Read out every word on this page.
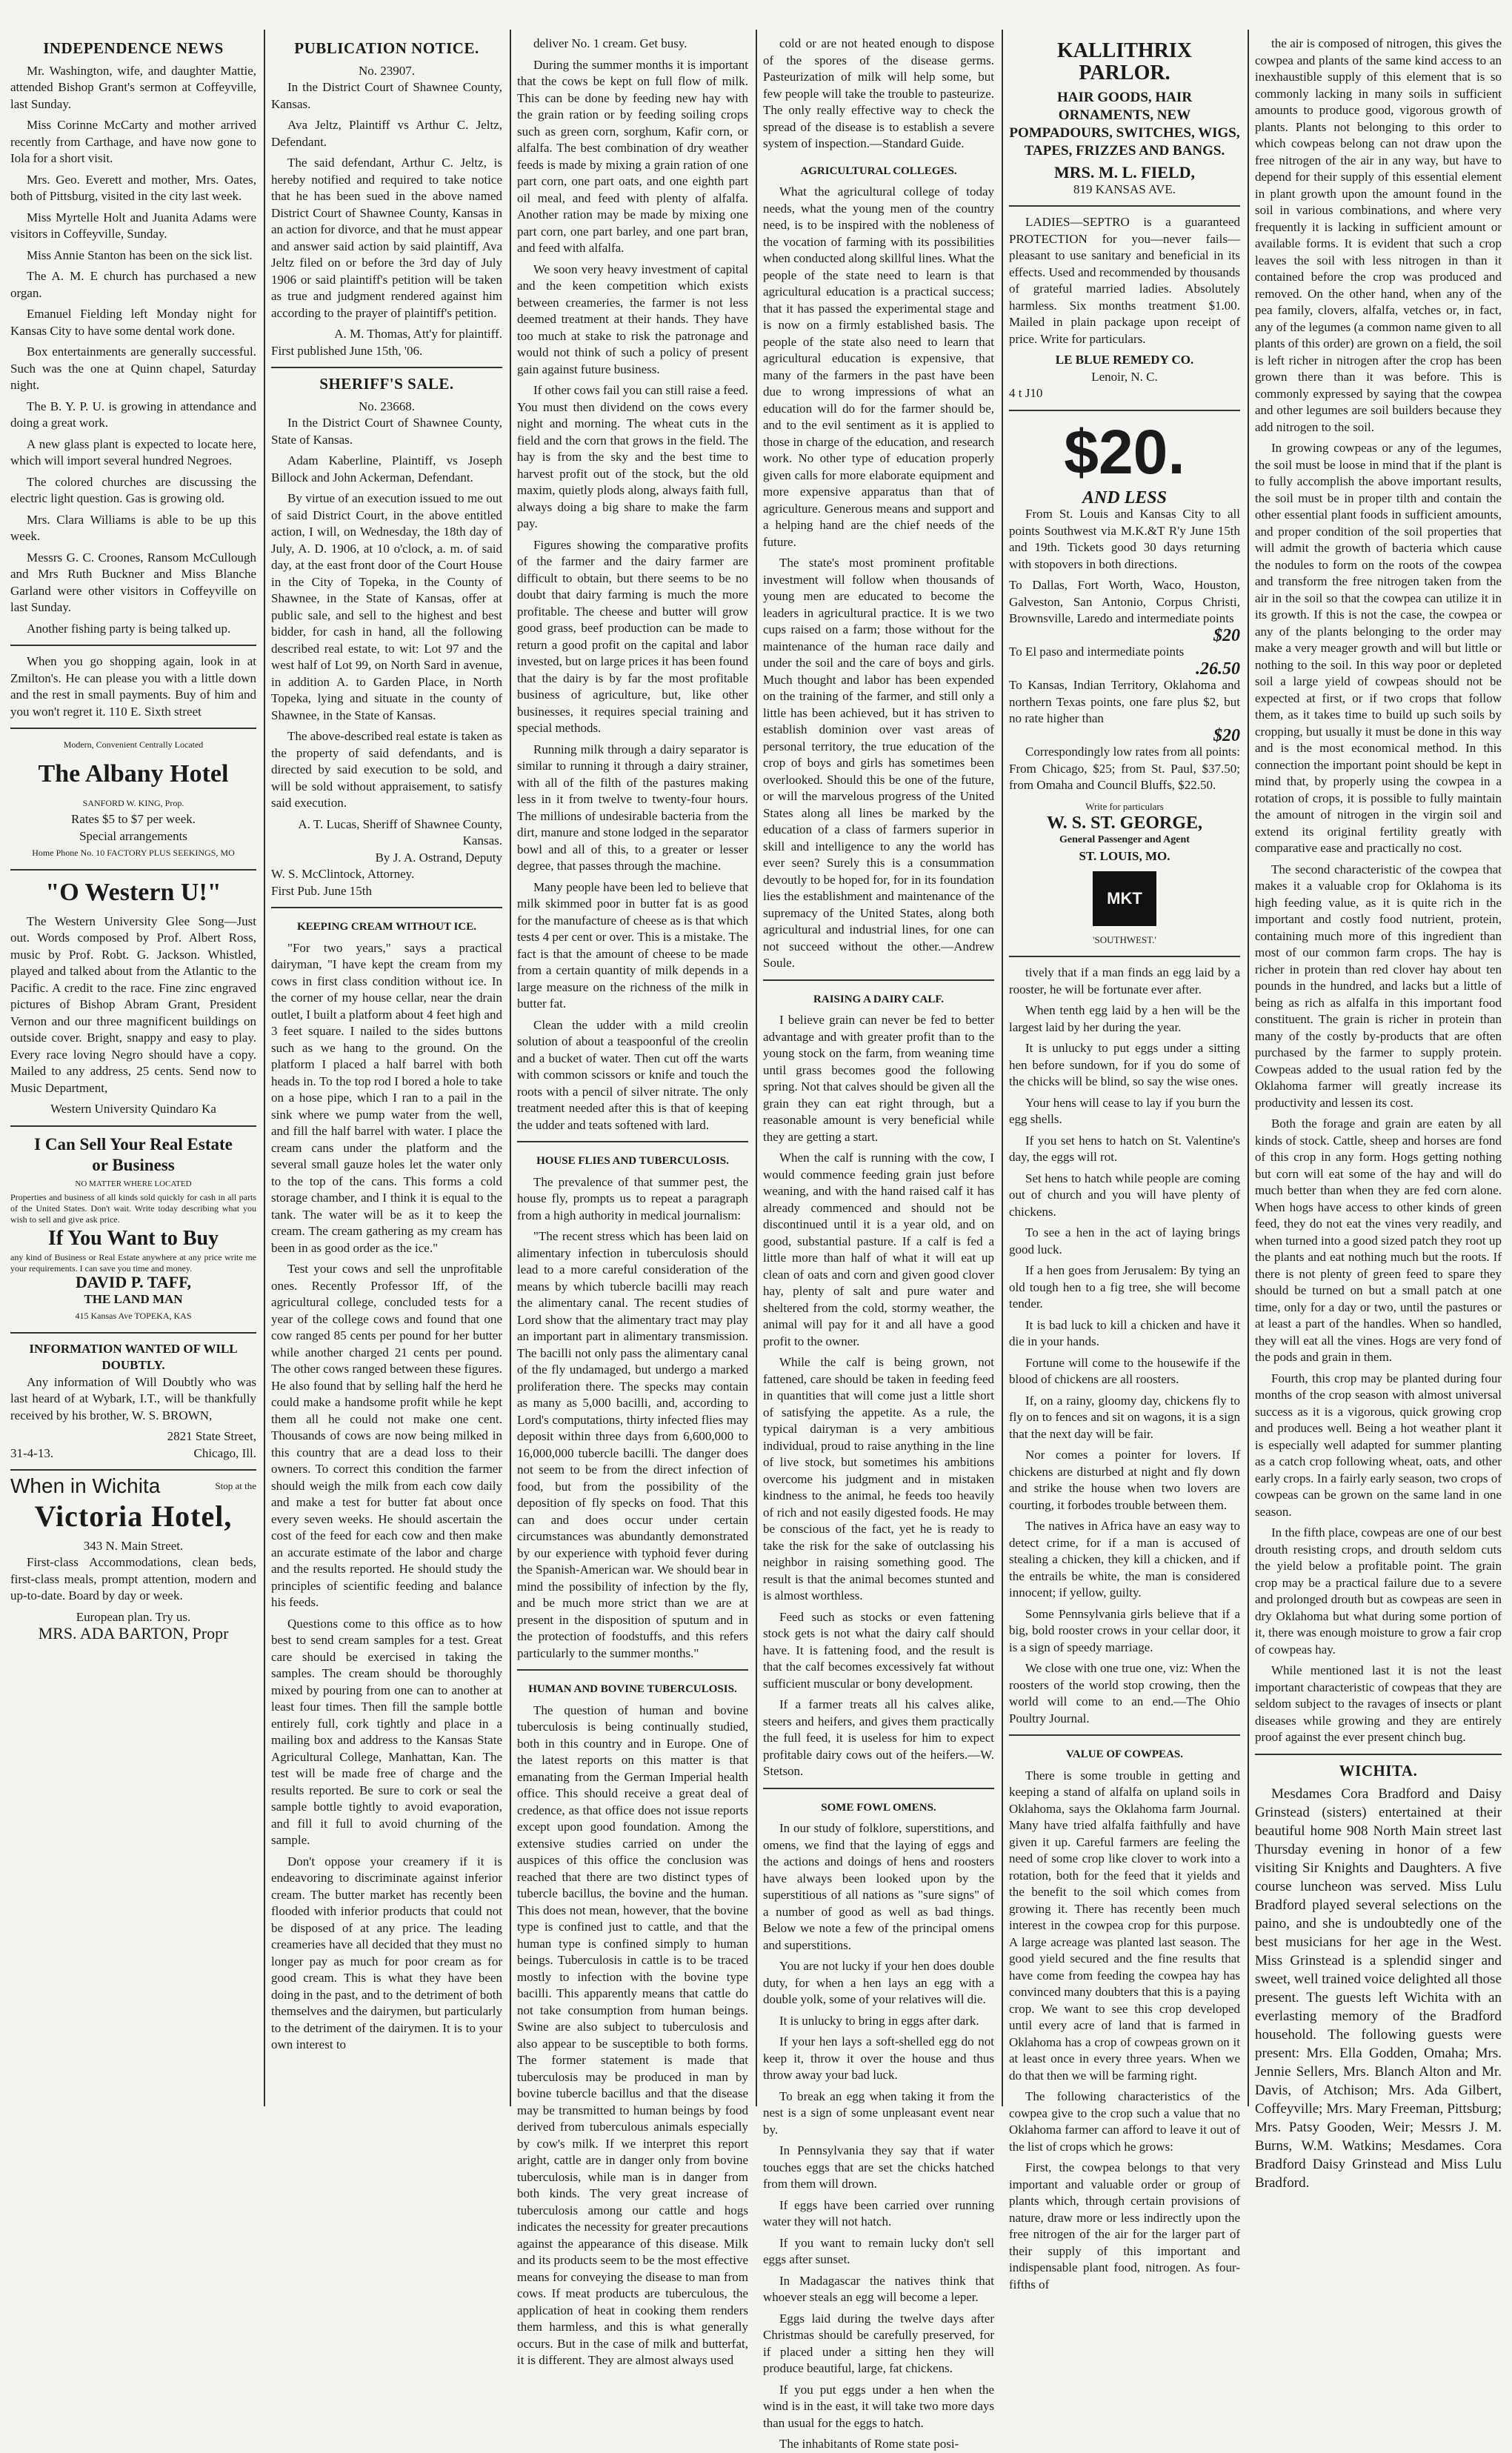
INDEPENDENCE NEWS

Mr. Washington, wife, and daughter Mattie, attended Bishop Grant's sermon at Coffeyville, last Sunday.

Miss Corinne McCarty and mother arrived recently from Carthage, and have now gone to Iola for a short visit.

Mrs. Geo. Everett and mother, Mrs. Oates, both of Pittsburg, visited in the city last week.

Miss Myrtelle Holt and Juanita Adams were visitors in Coffeyville, Sunday.

Miss Annie Stanton has been on the sick list.

The A. M. E church has purchased a new organ.

Emanuel Fielding left Monday night for Kansas City to have some dental work done.

Box entertainments are generally successful. Such was the one at Quinn chapel, Saturday night.

The B. Y. P. U. is growing in attendance and doing a great work.

A new glass plant is expected to locate here, which will import several hundred Negroes.

The colored churches are discussing the electric light question. Gas is growing old.

Mrs. Clara Williams is able to be up this week.

Messrs G. C. Croones, Ransom McCullough and Mrs Ruth Buckner and Miss Blanche Garland were other visitors in Coffeyville on last Sunday.

Another fishing party is being talked up.

When you go shopping again, look in at Zmilton's. He can please you with a little down and the rest in small payments. Buy of him and you won't regret it. 110 E. Sixth street

Modern, Convenient Centrally Located
The Albany Hotel
SANFORD W. KING, Prop.
Rates $5 to $7 per week.
Special arrangements
Home Phone No. 10 FACTORY PLUS SEEKINGS, MO
"O Western U!"

The Western University Glee Song—Just out. Words composed by Prof. Albert Ross, music by Prof. Robt. G. Jackson. Whistled, played and talked about from the Atlantic to the Pacific. A credit to the race. Fine zinc engraved pictures of Bishop Abram Grant, President Vernon and our three magnificent buildings on outside cover. Bright, snappy and easy to play. Every race loving Negro should have a copy. Mailed to any address, 25 cents. Send now to Music Department,

Western University Quindaro Ka
I Can Sell Your Real Estate
or Business
NO MATTER WHERE LOCATED
Properties and business of all kinds sold quickly for cash in all parts of the United States. Don't wait. Write today describing what you wish to sell and give ask price.
If You Want to Buy
any kind of Business or Real Estate anywhere at any price write me your requirements. I can save you time and money.
DAVID P. TAFF,
THE LAND MAN
415 Kansas Ave TOPEKA, KAS
INFORMATION WANTED OF WILL DOUBTLY.

Any information of Will Doubtly who was last heard of at Wybark, I.T., will be thankfully received by his brother, W. S. BROWN,

2821 State Street,
31-4-13.	Chicago, Ill.
When in Wichita	Stop at the
Victoria Hotel,
343 N. Main Street.

First-class Accommodations, clean beds, first-class meals, prompt attention, modern and up-to-date. Board by day or week.

European plan. Try us.
MRS. ADA BARTON, Propr
PUBLICATION NOTICE.
No. 23907.

In the District Court of Shawnee County, Kansas.

Ava Jeltz, Plaintiff vs Arthur C. Jeltz, Defendant.

The said defendant, Arthur C. Jeltz, is hereby notified and required to take notice that he has been sued in the above named District Court of Shawnee County, Kansas in an action for divorce, and that he must appear and answer said action by said plaintiff, Ava Jeltz filed on or before the 3rd day of July 1906 or said plaintiff's petition will be taken as true and judgment rendered against him according to the prayer of plaintiff's petition.

A. M. Thomas, Att'y for plaintiff.
First published June 15th, '06.
SHERIFF'S SALE.
No. 23668.

In the District Court of Shawnee County, State of Kansas.

Adam Kaberline, Plaintiff, vs Joseph Billock and John Ackerman, Defendant.

By virtue of an execution issued to me out of said District Court, in the above entitled action, I will, on Wednesday, the 18th day of July, A. D. 1906, at 10 o'clock, a. m. of said day, at the east front door of the Court House in the City of Topeka, in the County of Shawnee, in the State of Kansas, offer at public sale, and sell to the highest and best bidder, for cash in hand, all the following described real estate, to wit: Lot 97 and the west half of Lot 99, on North Sard in avenue, in addition A. to Garden Place, in North Topeka, lying and situate in the county of Shawnee, in the State of Kansas.

The above-described real estate is taken as the property of said defendants, and is directed by said execution to be sold, and will be sold without appraisement, to satisfy said execution.

A. T. Lucas, Sheriff of Shawnee County, Kansas.
By J. A. Ostrand, Deputy
W. S. McClintock, Attorney.
First Pub. June 15th
KEEPING CREAM WITHOUT ICE.

"For two years," says a practical dairyman, "I have kept the cream from my cows in first class condition without ice. In the corner of my house cellar, near the drain outlet, I built a platform about 4 feet high and 3 feet square. I nailed to the sides buttons such as we hang to the ground. On the platform I placed a half barrel with both heads in. To the top rod I bored a hole to take on a hose pipe, which I ran to a pail in the sink where we pump water from the well, and fill the half barrel with water. I place the cream cans under the platform and the several small gauze holes let the water only to the top of the cans. This forms a cold storage chamber, and I think it is equal to the tank. The water will be as it to keep the cream. The cream gathering as my cream has been in as good order as the ice."

Test your cows and sell the unprofitable ones. Recently Professor Iff, of the agricultural college, concluded tests for a year of the college cows and found that one cow ranged 85 cents per pound for her butter while another charged 21 cents per pound. The other cows ranged between these figures. He also found that by selling half the herd he could make a handsome profit while he kept them all he could not make one cent. Thousands of cows are now being milked in this country that are a dead loss to their owners. To correct this condition the farmer should weigh the milk from each cow daily and make a test for butter fat about once every seven weeks. He should ascertain the cost of the feed for each cow and then make an accurate estimate of the labor and charge and the results reported. He should study the principles of scientific feeding and balance his feeds.

Questions come to this office as to how best to send cream samples for a test. Great care should be exercised in taking the samples. The cream should be thoroughly mixed by pouring from one can to another at least four times. Then fill the sample bottle entirely full, cork tightly and place in a mailing box and address to the Kansas State Agricultural College, Manhattan, Kan. The test will be made free of charge and the results reported. Be sure to cork or seal the sample bottle tightly to avoid evaporation, and fill it full to avoid churning of the sample.

Don't oppose your creamery if it is endeavoring to discriminate against inferior cream. The butter market has recently been flooded with inferior products that could not be disposed of at any price. The leading creameries have all decided that they must no longer pay as much for poor cream as for good cream. This is what they have been doing in the past, and to the detriment of both themselves and the dairymen, but particularly to the detriment of the dairymen. It is to your own interest to

deliver No. 1 cream. Get busy.

During the summer months it is important that the cows be kept on full flow of milk. This can be done by feeding new hay with the grain ration or by feeding soiling crops such as green corn, sorghum, Kafir corn, or alfalfa. The best combination of dry weather feeds is made by mixing a grain ration of one part corn, one part oats, and one eighth part oil meal, and feed with plenty of alfalfa. Another ration may be made by mixing one part corn, one part barley, and one part bran, and feed with alfalfa.

We soon very heavy investment of capital and the keen competition which exists between creameries, the farmer is not less deemed treatment at their hands. They have too much at stake to risk the patronage and would not think of such a policy of present gain against future business.

If other cows fail you can still raise a feed. You must then dividend on the cows every night and morning. The wheat cuts in the field and the corn that grows in the field. The hay is from the sky and the best time to harvest profit out of the stock, but the old maxim, quietly plods along, always faith full, always doing a big share to make the farm pay.

Figures showing the comparative profits of the farmer and the dairy farmer are difficult to obtain, but there seems to be no doubt that dairy farming is much the more profitable. The cheese and butter will grow good grass, beef production can be made to return a good profit on the capital and labor invested, but on large prices it has been found that the dairy is by far the most profitable business of agriculture, but, like other businesses, it requires special training and special methods.

Running milk through a dairy separator is similar to running it through a dairy strainer, with all of the filth of the pastures making less in it from twelve to twenty-four hours. The millions of undesirable bacteria from the dirt, manure and stone lodged in the separator bowl and all of this, to a greater or lesser degree, that passes through the machine.

Many people have been led to believe that milk skimmed poor in butter fat is as good for the manufacture of cheese as is that which tests 4 per cent or over. This is a mistake. The fact is that the amount of cheese to be made from a certain quantity of milk depends in a large measure on the richness of the milk in butter fat.

Clean the udder with a mild creolin solution of about a teaspoonful of the creolin and a bucket of water. Then cut off the warts with common scissors or knife and touch the roots with a pencil of silver nitrate. The only treatment needed after this is that of keeping the udder and teats softened with lard.

HOUSE FLIES AND TUBERCULOSIS.

The prevalence of that summer pest, the house fly, prompts us to repeat a paragraph from a high authority in medical journalism:

"The recent stress which has been laid on alimentary infection in tuberculosis should lead to a more careful consideration of the means by which tubercle bacilli may reach the alimentary canal. The recent studies of Lord show that the alimentary tract may play an important part in alimentary transmission. The bacilli not only pass the alimentary canal of the fly undamaged, but undergo a marked proliferation there. The specks may contain as many as 5,000 bacilli, and, according to Lord's computations, thirty infected flies may deposit within three days from 6,600,000 to 16,000,000 tubercle bacilli. The danger does not seem to be from the direct infection of food, but from the possibility of the deposition of fly specks on food. That this can and does occur under certain circumstances was abundantly demonstrated by our experience with typhoid fever during the Spanish-American war. We should bear in mind the possibility of infection by the fly, and be much more strict than we are at present in the disposition of sputum and in the protection of foodstuffs, and this refers particularly to the summer months."

HUMAN AND BOVINE TUBERCULOSIS.

The question of human and bovine tuberculosis is being continually studied, both in this country and in Europe. One of the latest reports on this matter is that emanating from the German Imperial health office. This should receive a great deal of credence, as that office does not issue reports except upon good foundation. Among the extensive studies carried on under the auspices of this office the conclusion was reached that there are two distinct types of tubercle bacillus, the bovine and the human. This does not mean, however, that the bovine type is confined just to cattle, and that the human type is confined simply to human beings. Tuberculosis in cattle is to be traced mostly to infection with the bovine type bacilli. This apparently means that cattle do not take consumption from human beings. Swine are also subject to tuberculosis and also appear to be susceptible to both forms. The former statement is made that tuberculosis may be produced in man by bovine tubercle bacillus and that the disease may be transmitted to human beings by food derived from tuberculous animals especially by cow's milk. If we interpret this report aright, cattle are in danger only from bovine tuberculosis, while man is in danger from both kinds. The very great increase of tuberculosis among our cattle and hogs indicates the necessity for greater precautions against the appearance of this disease. Milk and its products seem to be the most effective means for conveying the disease to man from cows. If meat products are tuberculous, the application of heat in cooking them renders them harmless, and this is what generally occurs. But in the case of milk and butterfat, it is different. They are almost always used

cold or are not heated enough to dispose of the spores of the disease germs. Pasteurization of milk will help some, but few people will take the trouble to pasteurize. The only really effective way to check the spread of the disease is to establish a severe system of inspection.—Standard Guide.

AGRICULTURAL COLLEGES.

What the agricultural college of today needs, what the young men of the country need, is to be inspired with the nobleness of the vocation of farming with its possibilities when conducted along skillful lines. What the people of the state need to learn is that agricultural education is a practical success; that it has passed the experimental stage and is now on a firmly established basis. The people of the state also need to learn that agricultural education is expensive, that many of the farmers in the past have been due to wrong impressions of what an education will do for the farmer should be, and to the evil sentiment as it is applied to those in charge of the education, and research work. No other type of education properly given calls for more elaborate equipment and more expensive apparatus than that of agriculture. Generous means and support and a helping hand are the chief needs of the future.

The state's most prominent profitable investment will follow when thousands of young men are educated to become the leaders in agricultural practice. It is we two cups raised on a farm; those without for the maintenance of the human race daily and under the soil and the care of boys and girls. Much thought and labor has been expended on the training of the farmer, and still only a little has been achieved, but it has striven to establish dominion over vast areas of personal territory, the true education of the crop of boys and girls has sometimes been overlooked. Should this be one of the future, or will the marvelous progress of the United States along all lines be marked by the education of a class of farmers superior in skill and intelligence to any the world has ever seen? Surely this is a consummation devoutly to be hoped for, for in its foundation lies the establishment and maintenance of the supremacy of the United States, along both agricultural and industrial lines, for one can not succeed without the other.—Andrew Soule.

RAISING A DAIRY CALF.

I believe grain can never be fed to better advantage and with greater profit than to the young stock on the farm, from weaning time until grass becomes good the following spring. Not that calves should be given all the grain they can eat right through, but a reasonable amount is very beneficial while they are getting a start.

When the calf is running with the cow, I would commence feeding grain just before weaning, and with the hand raised calf it has already commenced and should not be discontinued until it is a year old, and on good, substantial pasture. If a calf is fed a little more than half of what it will eat up clean of oats and corn and given good clover hay, plenty of salt and pure water and sheltered from the cold, stormy weather, the animal will pay for it and all have a good profit to the owner.

While the calf is being grown, not fattened, care should be taken in feeding feed in quantities that will come just a little short of satisfying the appetite. As a rule, the typical dairyman is a very ambitious individual, proud to raise anything in the line of live stock, but sometimes his ambitions overcome his judgment and in mistaken kindness to the animal, he feeds too heavily of rich and not easily digested foods. He may be conscious of the fact, yet he is ready to take the risk for the sake of outclassing his neighbor in raising something good. The result is that the animal becomes stunted and is almost worthless.

Feed such as stocks or even fattening stock gets is not what the dairy calf should have. It is fattening food, and the result is that the calf becomes excessively fat without sufficient muscular or bony development.

If a farmer treats all his calves alike, steers and heifers, and gives them practically the full feed, it is useless for him to expect profitable dairy cows out of the heifers.—W. Stetson.

SOME FOWL OMENS.

In our study of folklore, superstitions, and omens, we find that the laying of eggs and the actions and doings of hens and roosters have always been looked upon by the superstitious of all nations as "sure signs" of a number of good as well as bad things. Below we note a few of the principal omens and superstitions.

You are not lucky if your hen does double duty, for when a hen lays an egg with a double yolk, some of your relatives will die.

It is unlucky to bring in eggs after dark.

If your hen lays a soft-shelled egg do not keep it, throw it over the house and thus throw away your bad luck.

To break an egg when taking it from the nest is a sign of some unpleasant event near by.

In Pennsylvania they say that if water touches eggs that are set the chicks hatched from them will drown.

If eggs have been carried over running water they will not hatch.

If you want to remain lucky don't sell eggs after sunset.

In Madagascar the natives think that whoever steals an egg will become a leper.

Eggs laid during the twelve days after Christmas should be carefully preserved, for if placed under a sitting hen they will produce beautiful, large, fat chickens.

If you put eggs under a hen when the wind is in the east, it will take two more days than usual for the eggs to hatch.

The inhabitants of Rome state posi-

KALLITHRIX PARLOR.
HAIR GOODS, HAIR ORNAMENTS, NEW POMPADOURS, SWITCHES, WIGS, TAPES, FRIZZES AND BANGS.
MRS. M. L. FIELD,
819 KANSAS AVE.

LADIES—SEPTRO is a guaranteed PROTECTION for you—never fails—pleasant to use sanitary and beneficial in its effects. Used and recommended by thousands of grateful married ladies. Absolutely harmless. Six months treatment $1.00. Mailed in plain package upon receipt of price. Write for particulars.

LE BLUE REMEDY CO.
Lenoir, N. C.
4 t J10
$20.
AND LESS

From St. Louis and Kansas City to all points Southwest via M.K.&T R'y June 15th and 19th. Tickets good 30 days returning with stopovers in both directions.

To Dallas, Fort Worth, Waco, Houston, Galveston, San Antonio, Corpus Christi, Brownsville, Laredo and intermediate points
$20
To El paso and intermediate points
.26.50
To Kansas, Indian Territory, Oklahoma and northern Texas points, one fare plus $2, but no rate higher than
$20

Correspondingly low rates from all points: From Chicago, $25; from St. Paul, $37.50; from Omaha and Council Bluffs, $22.50.

Write for particulars
W. S. ST. GEORGE,
General Passenger and Agent
ST. LOUIS, MO.
MKT
'SOUTHWEST.'

tively that if a man finds an egg laid by a rooster, he will be fortunate ever after.

When tenth egg laid by a hen will be the largest laid by her during the year.

It is unlucky to put eggs under a sitting hen before sundown, for if you do some of the chicks will be blind, so say the wise ones.

Your hens will cease to lay if you burn the egg shells.

If you set hens to hatch on St. Valentine's day, the eggs will rot.

Set hens to hatch while people are coming out of church and you will have plenty of chickens.

To see a hen in the act of laying brings good luck.

If a hen goes from Jerusalem: By tying an old tough hen to a fig tree, she will become tender.

It is bad luck to kill a chicken and have it die in your hands.

Fortune will come to the housewife if the blood of chickens are all roosters.

If, on a rainy, gloomy day, chickens fly to fly on to fences and sit on wagons, it is a sign that the next day will be fair.

Nor comes a pointer for lovers. If chickens are disturbed at night and fly down and strike the house when two lovers are courting, it forbodes trouble between them.

The natives in Africa have an easy way to detect crime, for if a man is accused of stealing a chicken, they kill a chicken, and if the entrails be white, the man is considered innocent; if yellow, guilty.

Some Pennsylvania girls believe that if a big, bold rooster crows in your cellar door, it is a sign of speedy marriage.

We close with one true one, viz: When the roosters of the world stop crowing, then the world will come to an end.—The Ohio Poultry Journal.

VALUE OF COWPEAS.

There is some trouble in getting and keeping a stand of alfalfa on upland soils in Oklahoma, says the Oklahoma farm Journal. Many have tried alfalfa faithfully and have given it up. Careful farmers are feeling the need of some crop like clover to work into a rotation, both for the feed that it yields and the benefit to the soil which comes from growing it. There has recently been much interest in the cowpea crop for this purpose. A large acreage was planted last season. The good yield secured and the fine results that have come from feeding the cowpea hay has convinced many doubters that this is a paying crop. We want to see this crop developed until every acre of land that is farmed in Oklahoma has a crop of cowpeas grown on it at least once in every three years. When we do that then we will be farming right.

The following characteristics of the cowpea give to the crop such a value that no Oklahoma farmer can afford to leave it out of the list of crops which he grows:

First, the cowpea belongs to that very important and valuable order or group of plants which, through certain provisions of nature, draw more or less indirectly upon the free nitrogen of the air for the larger part of their supply of this important and indispensable plant food, nitrogen. As four-fifths of

the air is composed of nitrogen, this gives the cowpea and plants of the same kind access to an inexhaustible supply of this element that is so commonly lacking in many soils in sufficient amounts to produce good, vigorous growth of plants. Plants not belonging to this order to which cowpeas belong can not draw upon the free nitrogen of the air in any way, but have to depend for their supply of this essential element in plant growth upon the amount found in the soil in various combinations, and where very frequently it is lacking in sufficient amount or available forms. It is evident that such a crop leaves the soil with less nitrogen in than it contained before the crop was produced and removed. On the other hand, when any of the pea family, clovers, alfalfa, vetches or, in fact, any of the legumes (a common name given to all plants of this order) are grown on a field, the soil is left richer in nitrogen after the crop has been grown there than it was before. This is commonly expressed by saying that the cowpea and other legumes are soil builders because they add nitrogen to the soil.

In growing cowpeas or any of the legumes, the soil must be loose in mind that if the plant is to fully accomplish the above important results, the soil must be in proper tilth and contain the other essential plant foods in sufficient amounts, and proper condition of the soil properties that will admit the growth of bacteria which cause the nodules to form on the roots of the cowpea and transform the free nitrogen taken from the air in the soil so that the cowpea can utilize it in its growth. If this is not the case, the cowpea or any of the plants belonging to the order may make a very meager growth and will but little or nothing to the soil. In this way poor or depleted soil a large yield of cowpeas should not be expected at first, or if two crops that follow them, as it takes time to build up such soils by cropping, but usually it must be done in this way and is the most economical method. In this connection the important point should be kept in mind that, by properly using the cowpea in a rotation of crops, it is possible to fully maintain the amount of nitrogen in the virgin soil and extend its original fertility greatly with comparative ease and practically no cost.

The second characteristic of the cowpea that makes it a valuable crop for Oklahoma is its high feeding value, as it is quite rich in the important and costly food nutrient, protein, containing much more of this ingredient than most of our common farm crops. The hay is richer in protein than red clover hay about ten pounds in the hundred, and lacks but a little of being as rich as alfalfa in this important food constituent. The grain is richer in protein than many of the costly by-products that are often purchased by the farmer to supply protein. Cowpeas added to the usual ration fed by the Oklahoma farmer will greatly increase its productivity and lessen its cost.

Both the forage and grain are eaten by all kinds of stock. Cattle, sheep and horses are fond of this crop in any form. Hogs getting nothing but corn will eat some of the hay and will do much better than when they are fed corn alone. When hogs have access to other kinds of green feed, they do not eat the vines very readily, and when turned into a good sized patch they root up the plants and eat nothing much but the roots. If there is not plenty of green feed to spare they should be turned on but a small patch at one time, only for a day or two, until the pastures or at least a part of the handles. When so handled, they will eat all the vines. Hogs are very fond of the pods and grain in them.

Fourth, this crop may be planted during four months of the crop season with almost universal success as it is a vigorous, quick growing crop and produces well. Being a hot weather plant it is especially well adapted for summer planting as a catch crop following wheat, oats, and other early crops. In a fairly early season, two crops of cowpeas can be grown on the same land in one season.

In the fifth place, cowpeas are one of our best drouth resisting crops, and drouth seldom cuts the yield below a profitable point. The grain crop may be a practical failure due to a severe and prolonged drouth but as cowpeas are seen in dry Oklahoma but what during some portion of it, there was enough moisture to grow a fair crop of cowpeas hay.

While mentioned last it is not the least important characteristic of cowpeas that they are seldom subject to the ravages of insects or plant diseases while growing and they are entirely proof against the ever present chinch bug.

WICHITA.

Mesdames Cora Bradford and Daisy Grinstead (sisters) entertained at their beautiful home 908 North Main street last Thursday evening in honor of a few visiting Sir Knights and Daughters. A five course luncheon was served. Miss Lulu Bradford played several selections on the paino, and she is undoubtedly one of the best musicians for her age in the West. Miss Grinstead is a splendid singer and sweet, well trained voice delighted all those present. The guests left Wichita with an everlasting memory of the Bradford household. The following guests were present: Mrs. Ella Godden, Omaha; Mrs. Jennie Sellers, Mrs. Blanch Alton and Mr. Davis, of Atchison; Mrs. Ada Gilbert, Coffeyville; Mrs. Mary Freeman, Pittsburg; Mrs. Patsy Gooden, Weir; Messrs J. M. Burns, W.M. Watkins; Mesdames. Cora Bradford Daisy Grinstead and Miss Lulu Bradford.
